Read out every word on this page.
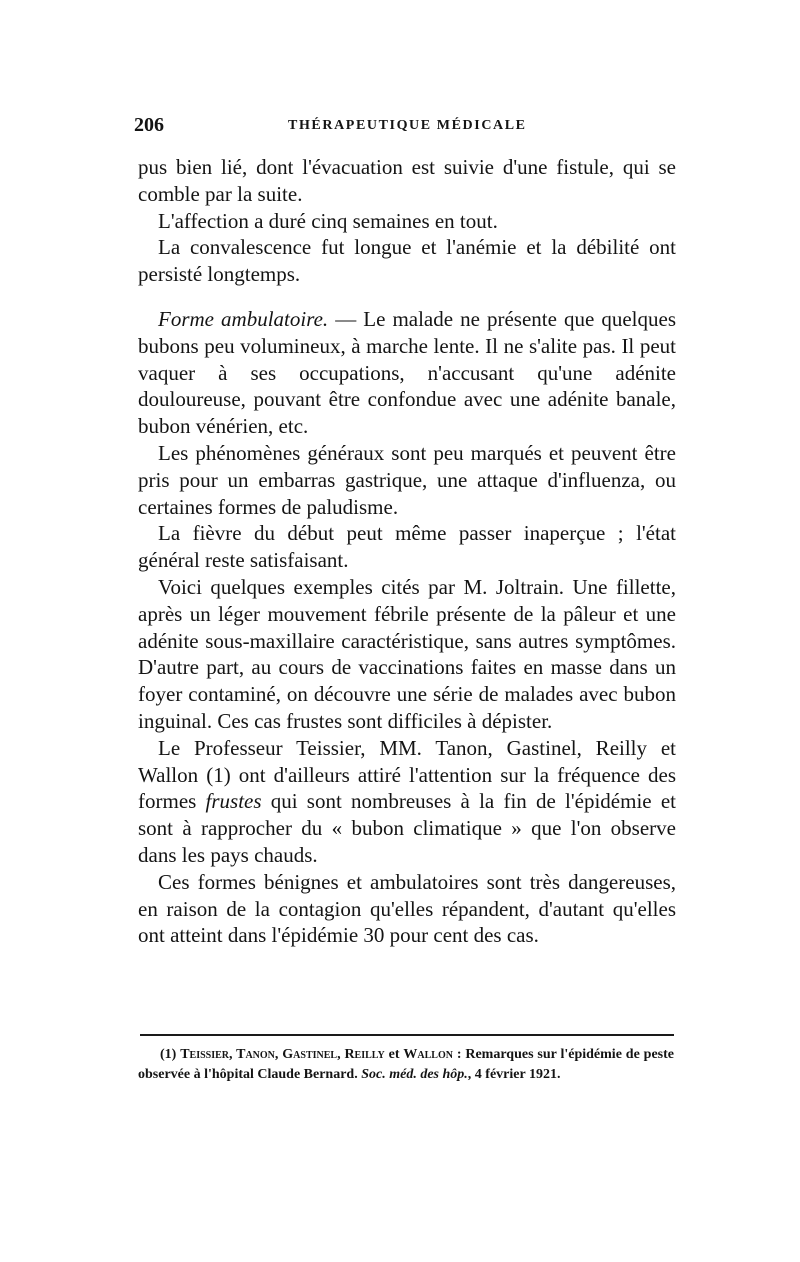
206	THÉRAPEUTIQUE MÉDICALE

pus bien lié, dont l'évacuation est suivie d'une fistule, qui se comble par la suite.

L'affection a duré cinq semaines en tout.

La convalescence fut longue et l'anémie et la débilité ont persisté longtemps.

Forme ambulatoire. — Le malade ne présente que quelques bubons peu volumineux, à marche lente. Il ne s'alite pas. Il peut vaquer à ses occupations, n'accusant qu'une adénite douloureuse, pouvant être confondue avec une adénite banale, bubon vénérien, etc.

Les phénomènes généraux sont peu marqués et peuvent être pris pour un embarras gastrique, une attaque d'influenza, ou certaines formes de paludisme.

La fièvre du début peut même passer inaperçue ; l'état général reste satisfaisant.

Voici quelques exemples cités par M. Joltrain. Une fillette, après un léger mouvement fébrile présente de la pâleur et une adénite sous-maxillaire caractéristique, sans autres symptômes. D'autre part, au cours de vaccinations faites en masse dans un foyer contaminé, on découvre une série de malades avec bubon inguinal. Ces cas frustes sont difficiles à dépister.

Le Professeur Teissier, MM. Tanon, Gastinel, Reilly et Wallon (1) ont d'ailleurs attiré l'attention sur la fréquence des formes frustes qui sont nombreuses à la fin de l'épidémie et sont à rapprocher du « bubon climatique » que l'on observe dans les pays chauds.

Ces formes bénignes et ambulatoires sont très dangereuses, en raison de la contagion qu'elles répandent, d'autant qu'elles ont atteint dans l'épidémie 30 pour cent des cas.

(1) Teissier, Tanon, Gastinel, Reilly et Wallon : Remarques sur l'épidémie de peste observée à l'hôpital Claude Bernard. Soc. méd. des hôp., 4 février 1921.
